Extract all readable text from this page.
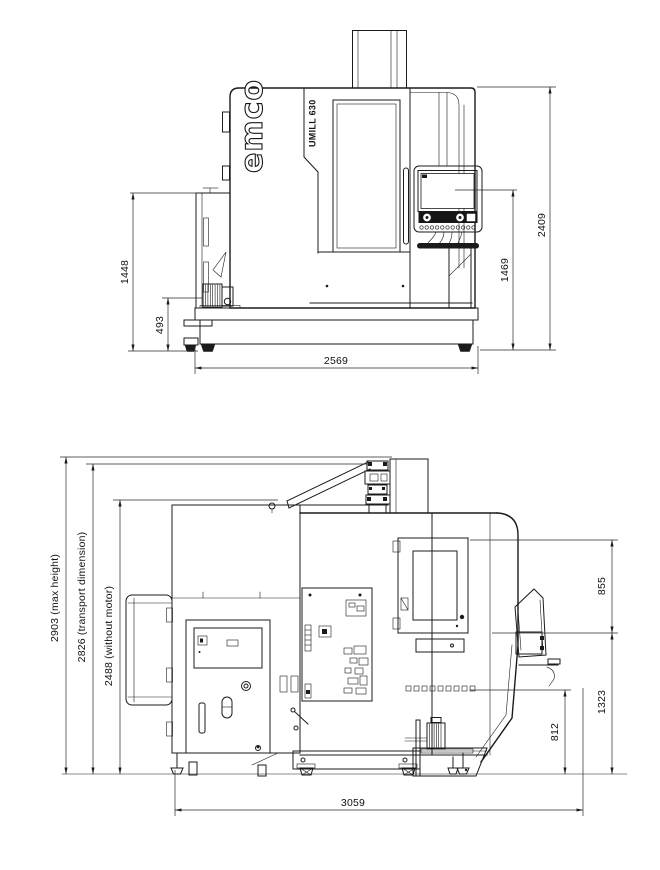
emco	UMILL 630
1448
493
2569
1469
2409
2903 (max height) 2826 (transport dimension) 2488 (without motor)	855
1323
812
3059
